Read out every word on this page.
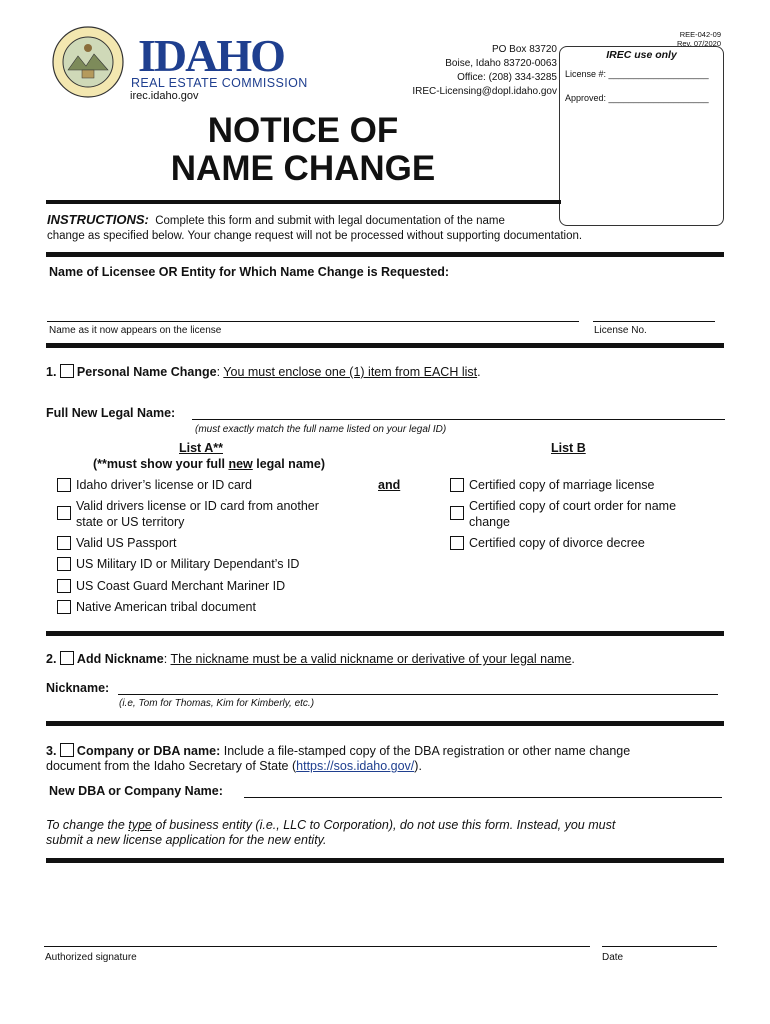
IDAHO
REAL ESTATE COMMISSION
irec.idaho.gov
REE-042-09
Rev. 07/2020
PO Box 83720
Boise, Idaho 83720-0063
Office: (208) 334-3285
IREC-Licensing@dopl.idaho.gov
IREC use only
License #: ____________________
Approved: ____________________
NOTICE OF
NAME CHANGE
INSTRUCTIONS: Complete this form and submit with legal documentation of the name
change as specified below. Your change request will not be processed without supporting documentation.
Name of Licensee OR Entity for Which Name Change is Requested:
Name as it now appears on the license	License No.
1. Personal Name Change: You must enclose one (1) item from EACH list.
Full New Legal Name:
(must exactly match the full name listed on your legal ID)
List A**
(**must show your full new legal name)
List B
and
Idaho driver’s license or ID card
Valid drivers license or ID card from another
state or US territory
Valid US Passport
US Military ID or Military Dependant’s ID
US Coast Guard Merchant Mariner ID
Native American tribal document
Certified copy of marriage license
Certified copy of court order for name
change
Certified copy of divorce decree
2. Add Nickname: The nickname must be a valid nickname or derivative of your legal name.
Nickname:
(i.e, Tom for Thomas, Kim for Kimberly, etc.)
3. Company or DBA name: Include a file-stamped copy of the DBA registration or other name change
document from the Idaho Secretary of State (https://sos.idaho.gov/).
New DBA or Company Name:
To change the type of business entity (i.e., LLC to Corporation), do not use this form. Instead, you must
submit a new license application for the new entity.
Authorized signature	Date
